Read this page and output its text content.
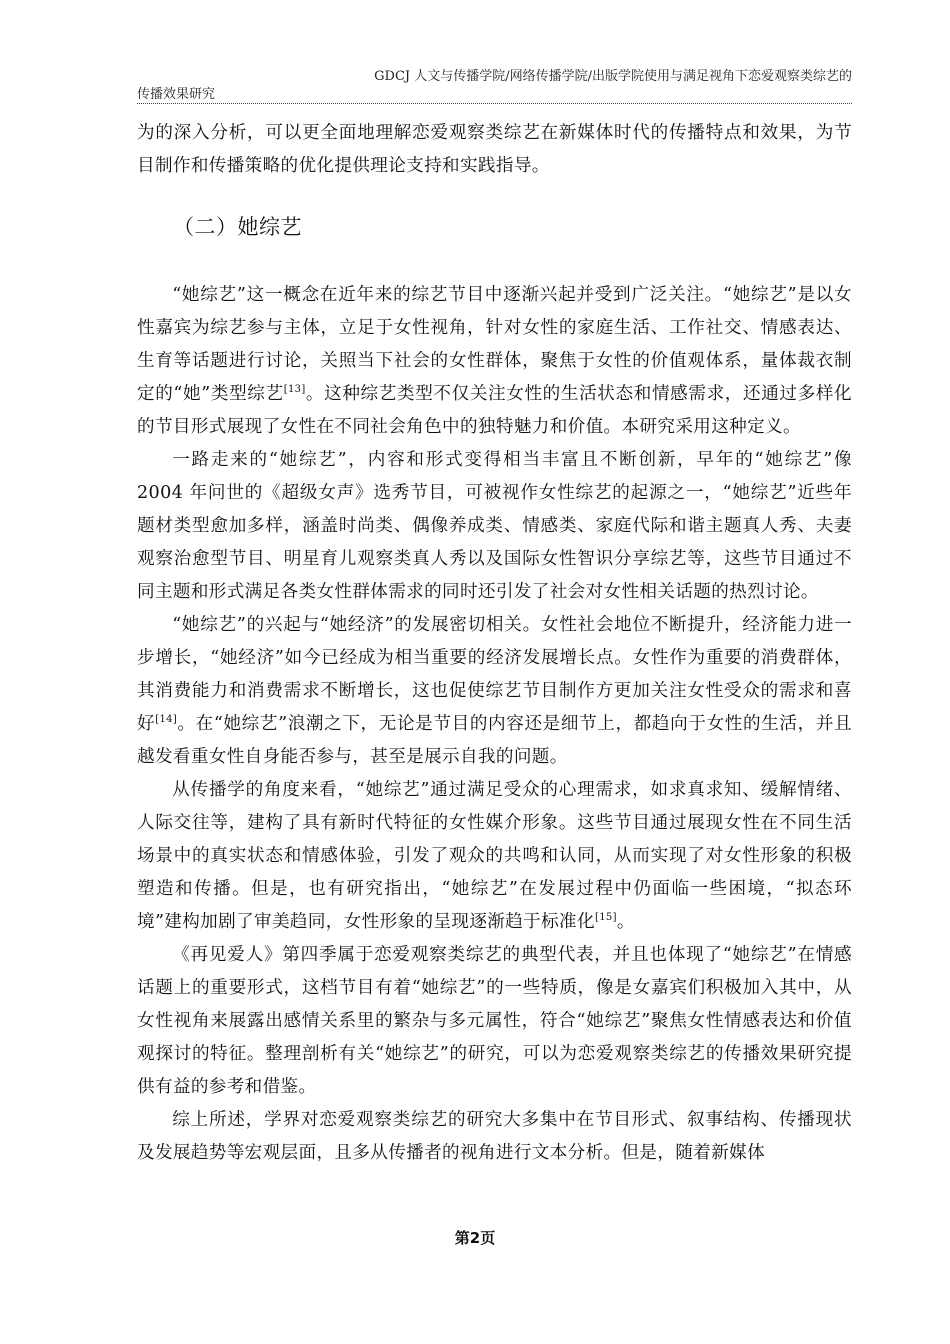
GDCJ 人文与传播学院/网络传播学院/出版学院使用与满足视角下恋爱观察类综艺的
传播效果研究

为的深入分析，可以更全面地理解恋爱观察类综艺在新媒体时代的传播特点和效果，为节目制作和传播策略的优化提供理论支持和实践指导。

（二）她综艺

“她综艺”这一概念在近年来的综艺节目中逐渐兴起并受到广泛关注。“她综艺”是以女性嘉宾为综艺参与主体，立足于女性视角，针对女性的家庭生活、工作社交、情感表达、生育等话题进行讨论，关照当下社会的女性群体，聚焦于女性的价值观体系，量体裁衣制定的“她”类型综艺[13]。这种综艺类型不仅关注女性的生活状态和情感需求，还通过多样化的节目形式展现了女性在不同社会角色中的独特魅力和价值。本研究采用这种定义。

一路走来的“她综艺”，内容和形式变得相当丰富且不断创新，早年的“她综艺”像 2004 年问世的《超级女声》选秀节目，可被视作女性综艺的起源之一，“她综艺”近些年题材类型愈加多样，涵盖时尚类、偶像养成类、情感类、家庭代际和谐主题真人秀、夫妻观察治愈型节目、明星育儿观察类真人秀以及国际女性智识分享综艺等，这些节目通过不同主题和形式满足各类女性群体需求的同时还引发了社会对女性相关话题的热烈讨论。

“她综艺”的兴起与“她经济”的发展密切相关。女性社会地位不断提升，经济能力进一步增长，“她经济”如今已经成为相当重要的经济发展增长点。女性作为重要的消费群体，其消费能力和消费需求不断增长，这也促使综艺节目制作方更加关注女性受众的需求和喜好[14]。在“她综艺”浪潮之下，无论是节目的内容还是细节上，都趋向于女性的生活，并且越发看重女性自身能否参与，甚至是展示自我的问题。

从传播学的角度来看，“她综艺”通过满足受众的心理需求，如求真求知、缓解情绪、人际交往等，建构了具有新时代特征的女性媒介形象。这些节目通过展现女性在不同生活场景中的真实状态和情感体验，引发了观众的共鸣和认同，从而实现了对女性形象的积极塑造和传播。但是，也有研究指出，“她综艺”在发展过程中仍面临一些困境，“拟态环境”建构加剧了审美趋同，女性形象的呈现逐渐趋于标准化[15]。

《再见爱人》第四季属于恋爱观察类综艺的典型代表，并且也体现了“她综艺”在情感话题上的重要形式，这档节目有着“她综艺”的一些特质，像是女嘉宾们积极加入其中，从女性视角来展露出感情关系里的繁杂与多元属性，符合“她综艺”聚焦女性情感表达和价值观探讨的特征。整理剖析有关“她综艺”的研究，可以为恋爱观察类综艺的传播效果研究提供有益的参考和借鉴。

综上所述，学界对恋爱观察类综艺的研究大多集中在节目形式、叙事结构、传播现状及发展趋势等宏观层面，且多从传播者的视角进行文本分析。但是，随着新媒体

第2页
